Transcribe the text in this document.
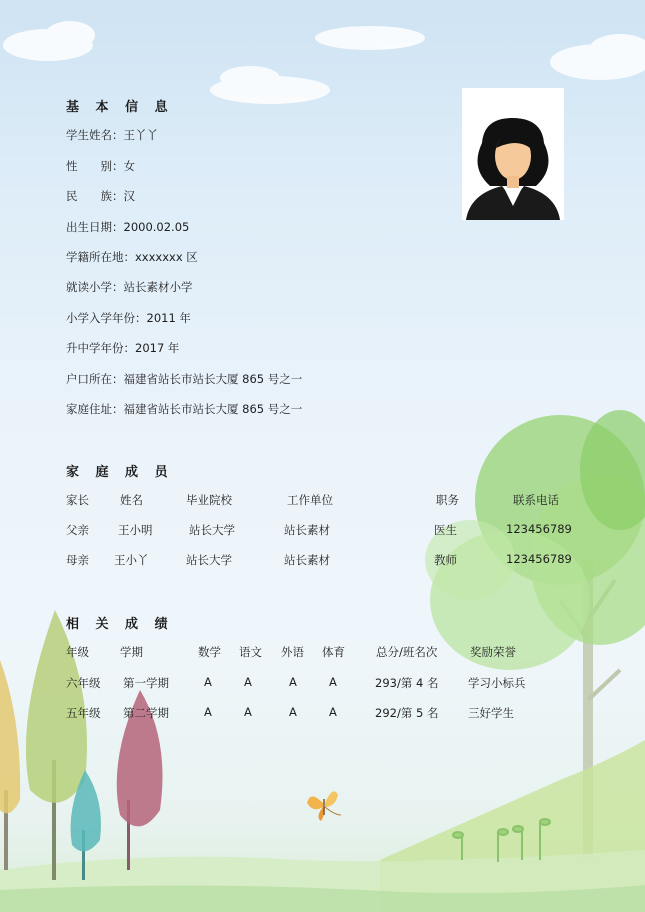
基 本 信 息
学生姓名：王丫丫
性　　别：女
民　　族：汉
出生日期：2000.02.05
学籍所在地：xxxxxxx 区
就读小学：站长素材小学
小学入学年份：2011 年
升中学年份：2017 年
户口所在：福建省站长市站长大厦 865 号之一
家庭住址：福建省站长市站长大厦 865 号之一
家 庭 成 员
家长	姓名	毕业院校	工作单位	职务	联系电话
父亲	王小明	站长大学	站长素材	医生	123456789
母亲 王小丫	站长大学	站长素材	教师	123456789
相 关 成 绩
年级	学期	数学 语文 外语 体育	总分/班名次	奖励荣誉
六年级 第一学期	A	A	A	A	293/第 4 名	学习小标兵
五年级 第二学期	A	A	A	A	292/第 5 名	三好学生
